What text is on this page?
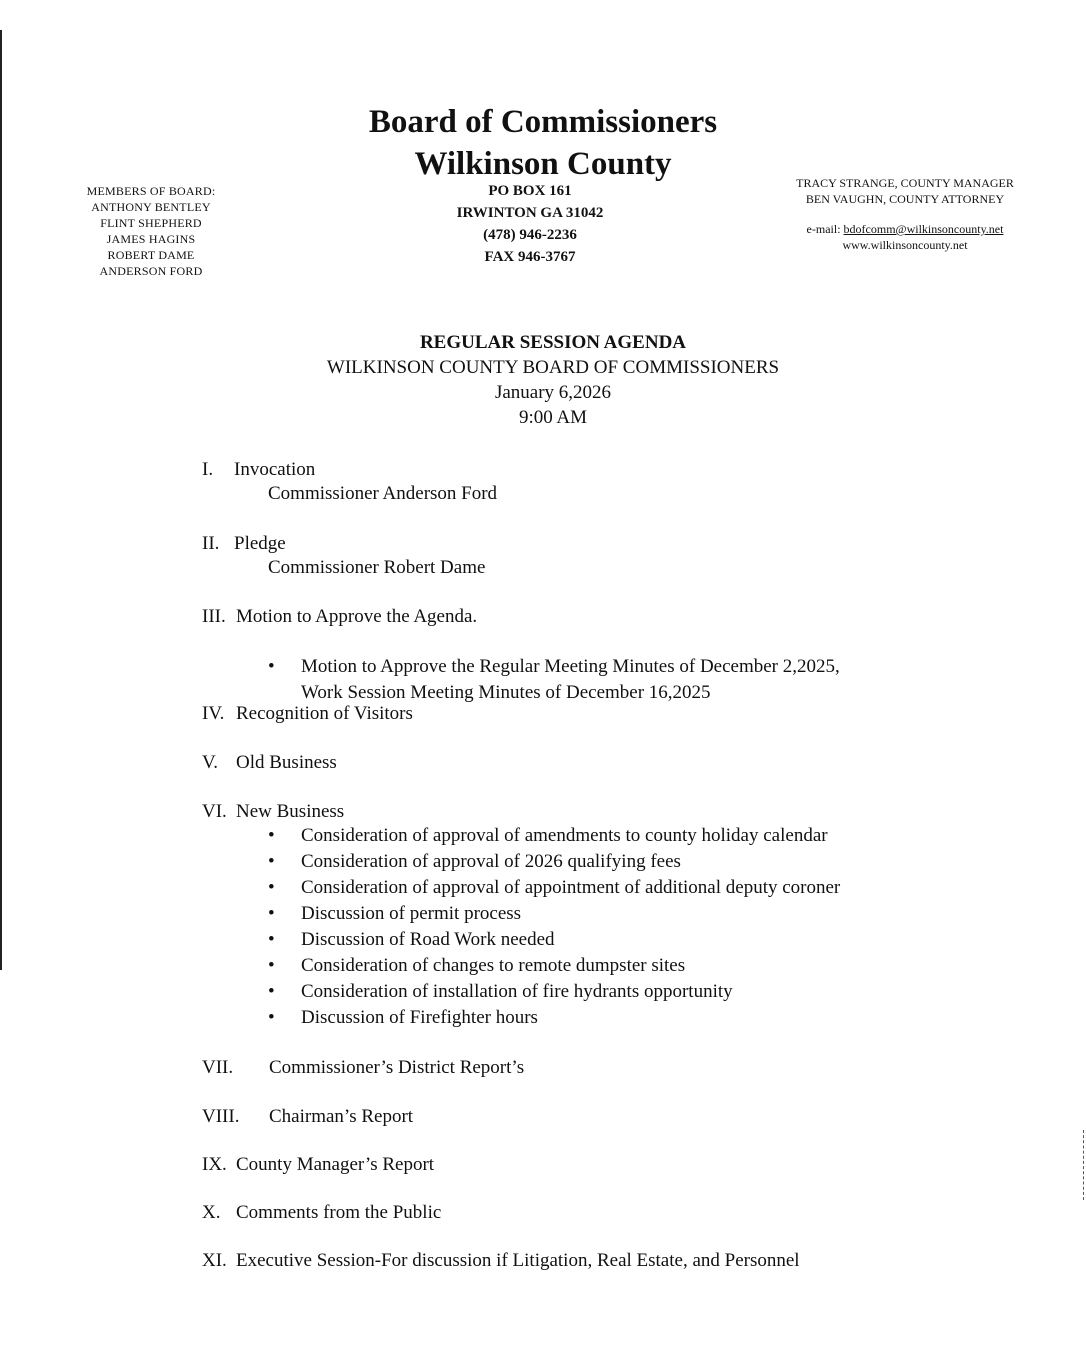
Board of Commissioners
Wilkinson County
MEMBERS OF BOARD:
ANTHONY BENTLEY
FLINT SHEPHERD
JAMES HAGINS
ROBERT DAME
ANDERSON FORD
PO BOX 161
IRWINTON GA 31042
(478) 946-2236
FAX 946-3767
TRACY STRANGE, COUNTY MANAGER
BEN VAUGHN, COUNTY ATTORNEY
e-mail: bdofcomm@wilkinsoncounty.net
www.wilkinsoncounty.net
REGULAR SESSION AGENDA
WILKINSON COUNTY BOARD OF COMMISSIONERS
January 6,2026
9:00 AM
I. Invocation
Commissioner Anderson Ford
II. Pledge
Commissioner Robert Dame
III. Motion to Approve the Agenda.
• Motion to Approve the Regular Meeting Minutes of December 2,2025,
Work Session Meeting Minutes of December 16,2025
IV. Recognition of Visitors
V. Old Business
VI. New Business
• Consideration of approval of amendments to county holiday calendar
• Consideration of approval of 2026 qualifying fees
• Consideration of approval of appointment of additional deputy coroner
• Discussion of permit process
• Discussion of Road Work needed
• Consideration of changes to remote dumpster sites
• Consideration of installation of fire hydrants opportunity
• Discussion of Firefighter hours
VII. Commissioner’s District Report’s
VIII. Chairman’s Report
IX. County Manager’s Report
X. Comments from the Public
XI. Executive Session-For discussion if Litigation, Real Estate, and Personnel
